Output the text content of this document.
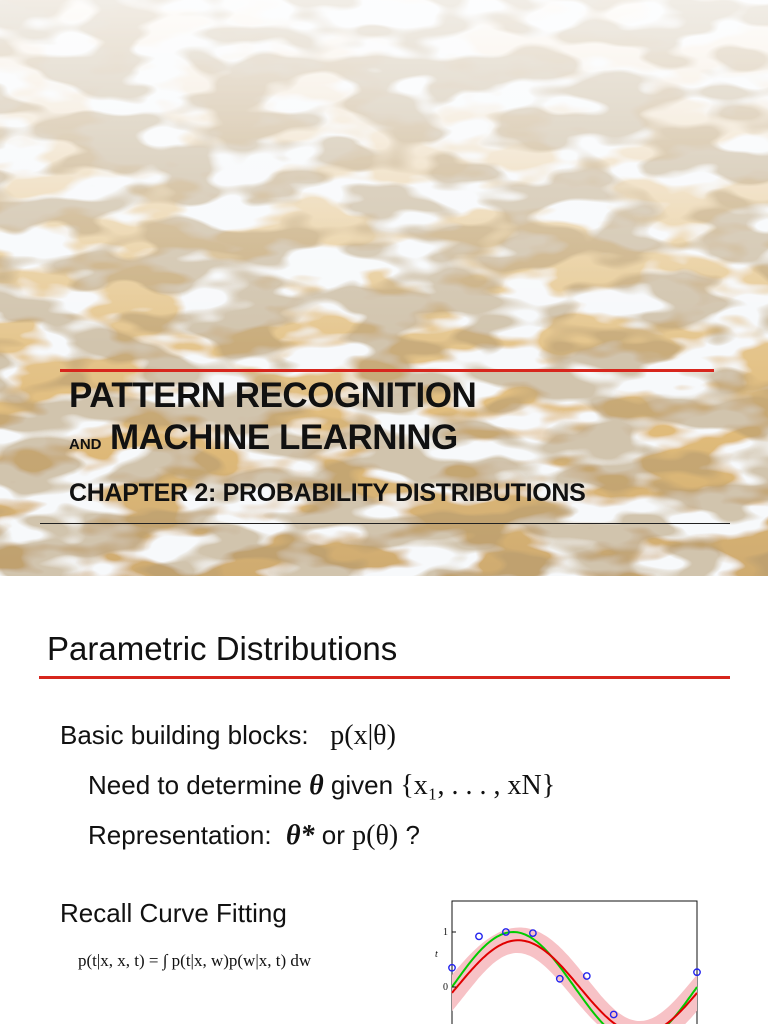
PATTERN RECOGNITION
AND MACHINE LEARNING
CHAPTER 2: PROBABILITY DISTRIBUTIONS
Parametric Distributions
Basic building blocks: p(x|θ)
Need to determine θ given {x₁, . . . , xN}
Representation: θ* or p(θ) ?
Recall Curve Fitting
p(t|x, x, t) = ∫ p(t|x, w)p(w|x, t) dw
1
0
t
